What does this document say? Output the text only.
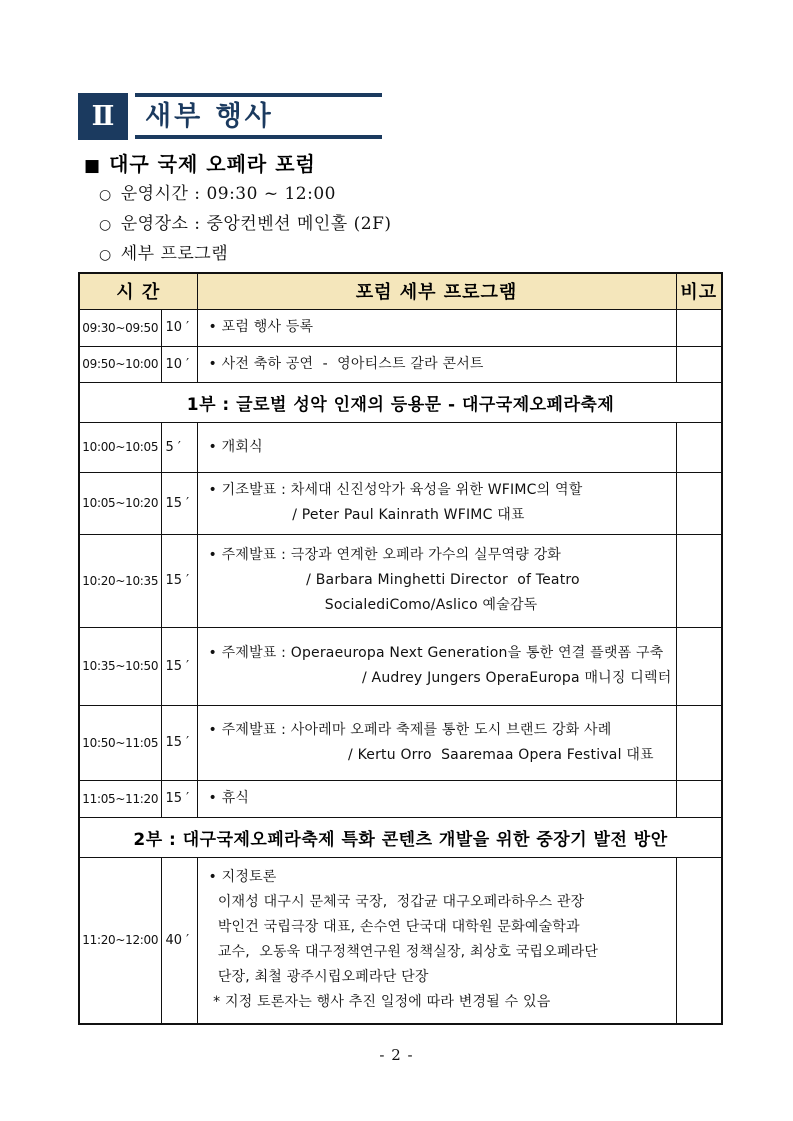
Ⅱ 새부 행사
■ 대구 국제 오페라 포럼
○ 운영시간 : 09:30 ~ 12:00
○ 운영장소 : 중앙컨벤션 메인홀 (2F)
○ 세부 프로그램
시 간		포럼 세부 프로그램	비고
09:30~09:50	10 ′	• 포럼 행사 등록	

09:50~10:00	10 ′	• 사전 축하 공연  -  영아티스트 갈라 콘서트	

1부 : 글로벌 성악 인재의 등용문 - 대구국제오페라축제			
10:00~10:05	5 ′	• 개회식	

10:05~10:20	15 ′	• 기조발표 : 차세대 신진성악가 육성을 위한 WFIMC의 역할
/ Peter Paul Kainrath WFIMC 대표	

10:20~10:35	15 ′	• 주제발표 : 극장과 연계한 오페라 가수의 실무역량 강화
/ Barbara Minghetti Director  of Teatro
SocialediComo/Aslico 예술감독	

10:35~10:50	15 ′	• 주제발표 : Operaeuropa Next Generation을 통한 연결 플랫폼 구축
/ Audrey Jungers OperaEuropa 매니징 디렉터	

10:50~11:05	15 ′	• 주제발표 : 사아레마 오페라 축제를 통한 도시 브랜드 강화 사례
/ Kertu Orro  Saaremaa Opera Festival 대표	

11:05~11:20	15 ′	• 휴식	

2부 : 대구국제오페라축제 특화 콘텐츠 개발을 위한 중장기 발전 방안			
11:20~12:00	40 ′	
• 지정토론
이재성 대구시 문체국 국장,  정갑균 대구오페라하우스 관장
박인건 국립극장 대표, 손수연 단국대 대학원 문화예술학과
교수,  오동욱 대구정책연구원 정책실장, 최상호 국립오페라단
단장, 최철 광주시립오페라단 단장
* 지정 토론자는 행사 추진 일정에 따라 변경될 수 있음

- 2 -
